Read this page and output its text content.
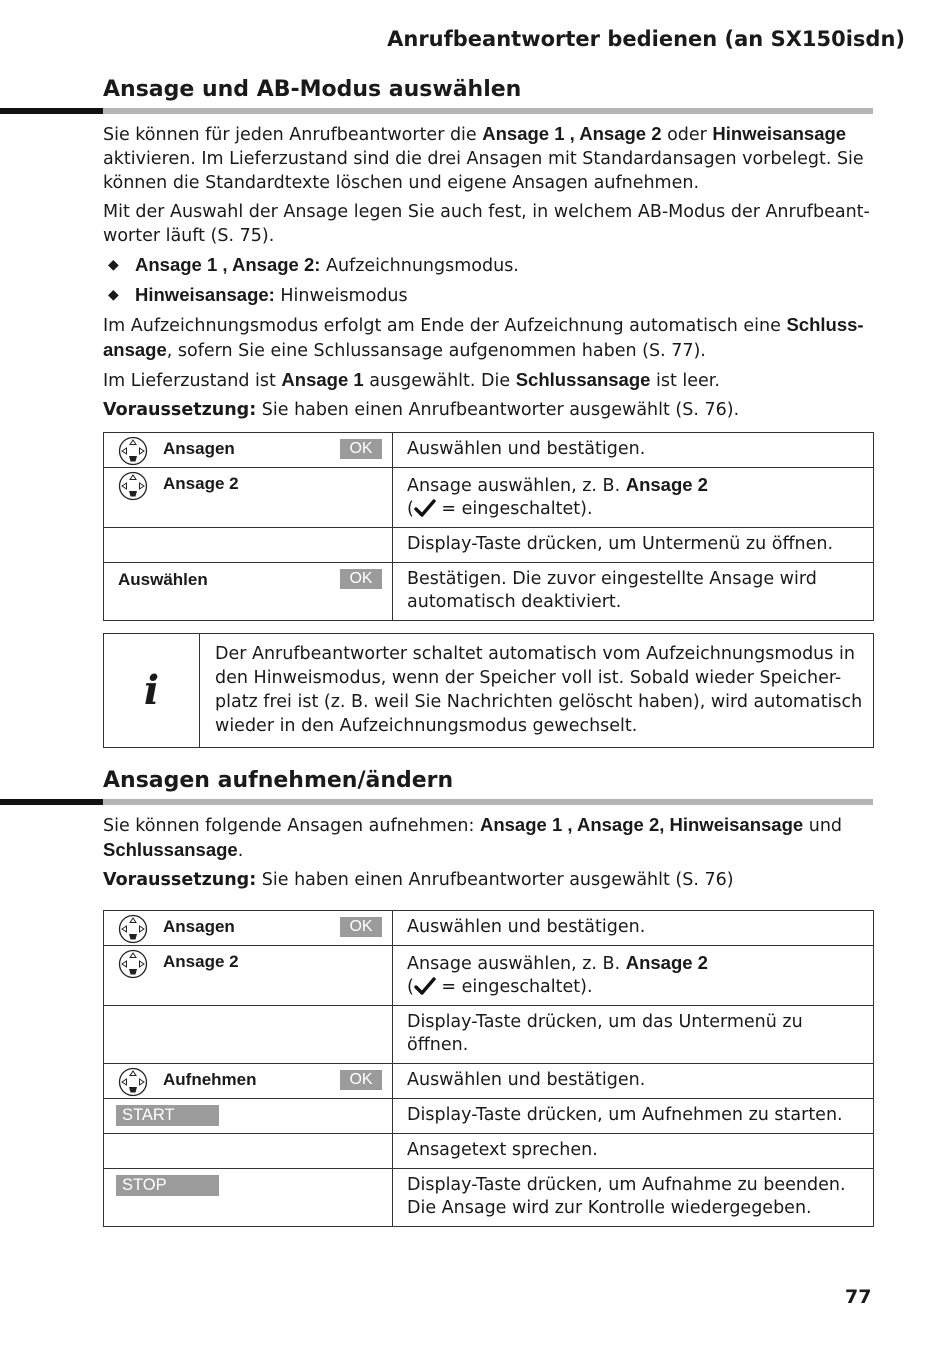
Anrufbeantworter bedienen (an SX150isdn)
Ansage und AB-Modus auswählen

Sie können für jeden Anrufbeantworter die Ansage 1 , Ansage 2 oder Hinweisansage aktivieren. Im Lieferzustand sind die drei Ansagen mit Standardansagen vorbelegt. Sie können die Standardtexte löschen und eigene Ansagen aufnehmen.

Mit der Auswahl der Ansage legen Sie auch fest, in welchem AB-Modus der Anrufbeant-worter läuft (S. 75).

◆ Ansage 1 , Ansage 2: Aufzeichnungsmodus.

◆ Hinweisansage: Hinweismodus

Im Aufzeichnungsmodus erfolgt am Ende der Aufzeichnung automatisch eine Schluss-ansage, sofern Sie eine Schlussansage aufgenommen haben (S. 77).

Im Lieferzustand ist Ansage 1 ausgewählt. Die Schlussansage ist leer.

Voraussetzung: Sie haben einen Anrufbeantworter ausgewählt (S. 76).

Ansagen OK	Auswählen und bestätigen.

Ansage 2	Ansage auswählen, z. B. Ansage 2
( = eingeschaltet).
	Display-Taste drücken, um Untermenü zu öffnen.

Auswählen OK	Bestätigen. Die zuvor eingestellte Ansage wird automatisch deaktiviert.
i
Der Anrufbeantworter schaltet automatisch vom Aufzeichnungsmodus in den Hinweismodus, wenn der Speicher voll ist. Sobald wieder Speicher-platz frei ist (z. B. weil Sie Nachrichten gelöscht haben), wird automatisch wieder in den Aufzeichnungsmodus gewechselt.
Ansagen aufnehmen/ändern

Sie können folgende Ansagen aufnehmen: Ansage 1 , Ansage 2, Hinweisansage und
Schlussansage.

Voraussetzung: Sie haben einen Anrufbeantworter ausgewählt (S. 76)

Ansagen OK	Auswählen und bestätigen.

Ansage 2	Ansage auswählen, z. B. Ansage 2
( = eingeschaltet).
	Display-Taste drücken, um das Untermenü zu öffnen.

Aufnehmen OK	Auswählen und bestätigen.

START	Display-Taste drücken, um Aufnehmen zu starten.
	Ansagetext sprechen.

STOP	Display-Taste drücken, um Aufnahme zu beenden. Die Ansage wird zur Kontrolle wiedergegeben.
77
